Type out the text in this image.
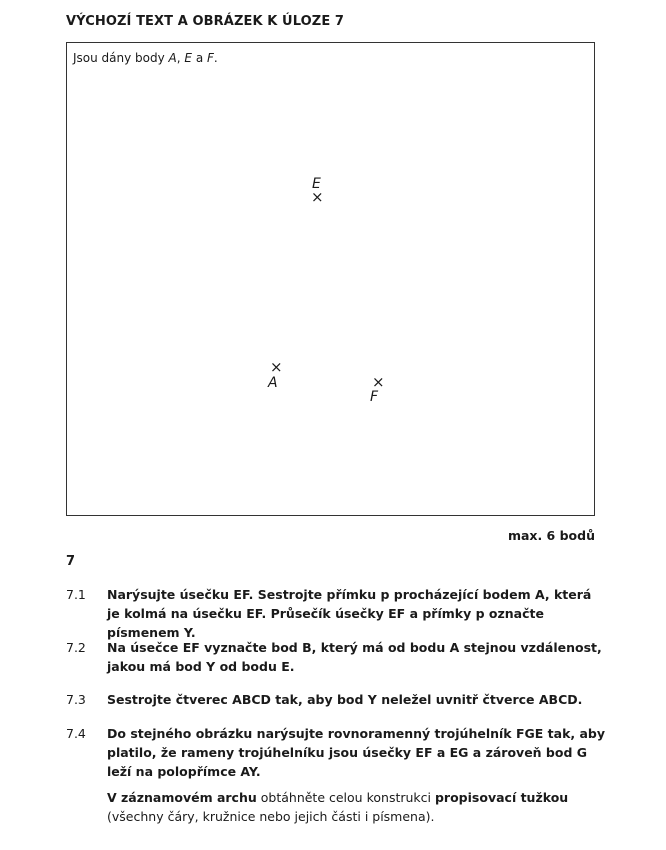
VÝCHOZÍ TEXT A OBRÁZEK K ÚLOZE 7
Jsou dány body A, E a F.
E
×
×
A	×
F
max. 6 bodů
7
7.1 Narýsujte úsečku EF. Sestrojte přímku p procházející bodem A, která je kolmá na úsečku EF. Průsečík úsečky EF a přímky p označte písmenem Y.
7.2 Na úsečce EF vyznačte bod B, který má od bodu A stejnou vzdálenost, jakou má bod Y od bodu E.
7.3 Sestrojte čtverec ABCD tak, aby bod Y neležel uvnitř čtverce ABCD.
7.4 Do stejného obrázku narýsujte rovnoramenný trojúhelník FGE tak, aby platilo, že rameny trojúhelníku jsou úsečky EF a EG a zároveň bod G leží na polopřímce AY.
V záznamovém archu obtáhněte celou konstrukci propisovací tužkou (všechny čáry, kružnice nebo jejich části i písmena).
